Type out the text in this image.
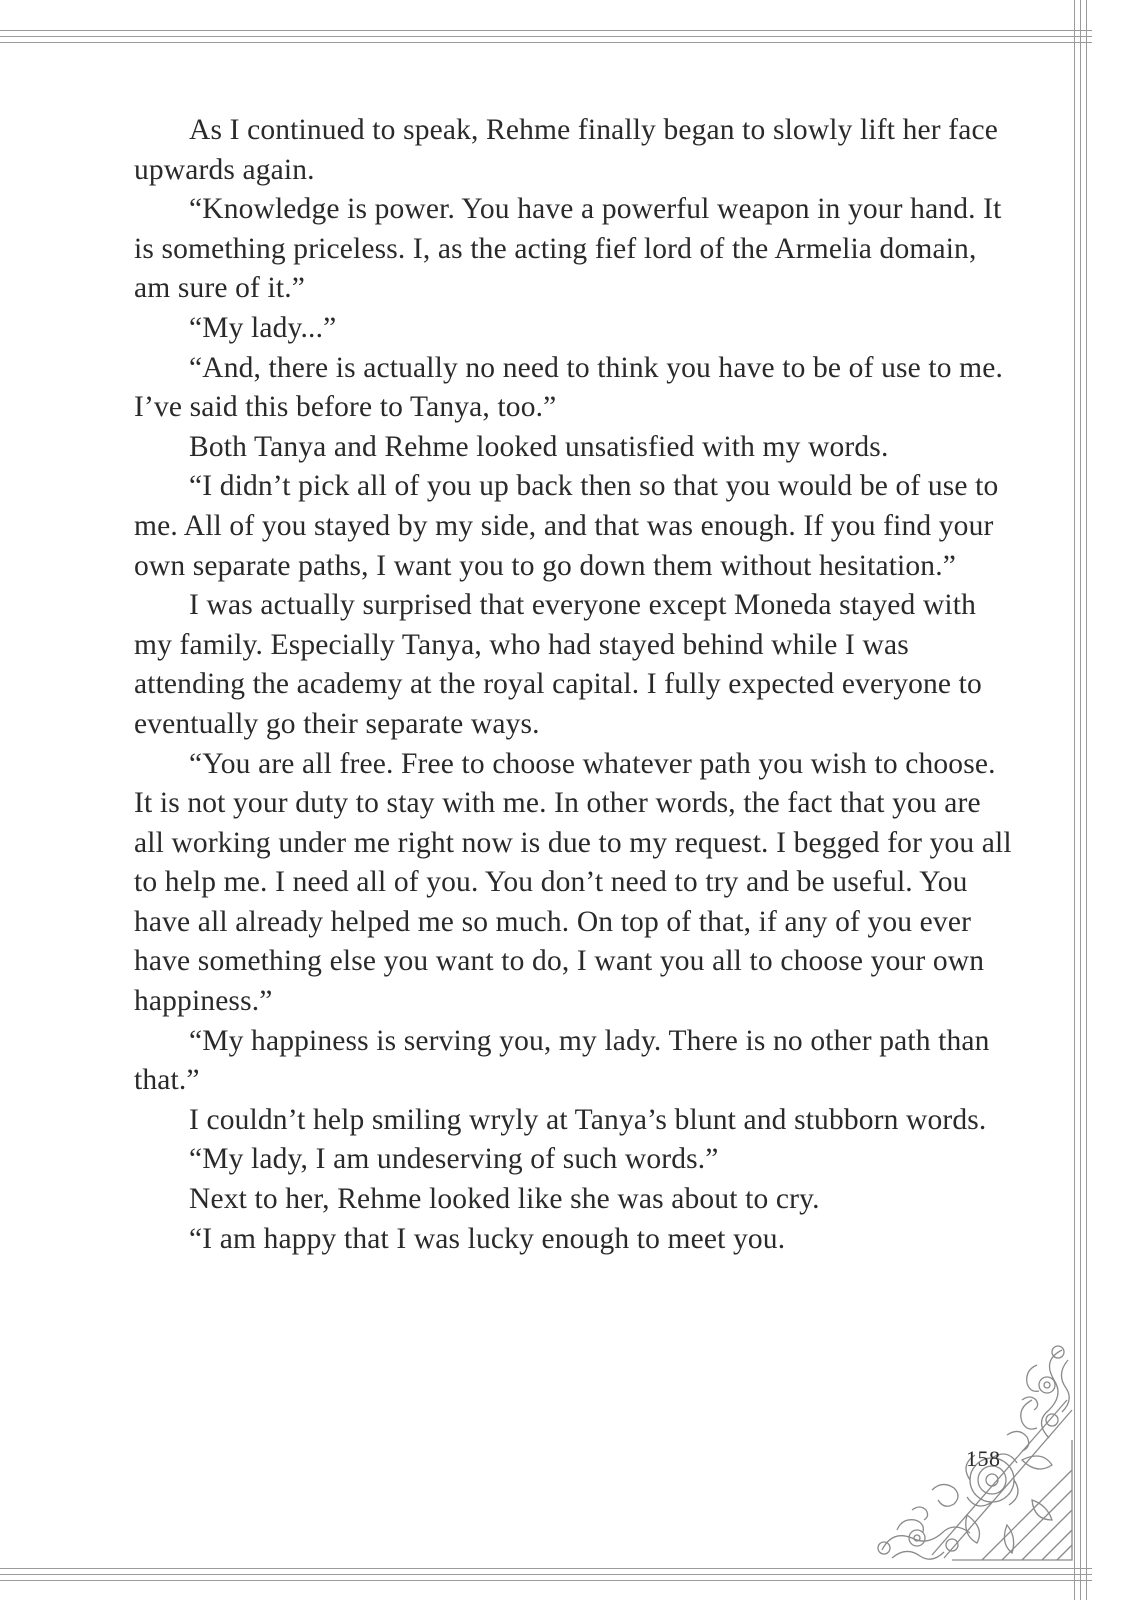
As I continued to speak, Rehme finally began to slowly lift her face upwards again.

“Knowledge is power. You have a powerful weapon in your hand. It is something priceless. I, as the acting fief lord of the Armelia domain, am sure of it.”

“My lady...”

“And, there is actually no need to think you have to be of use to me. I’ve said this before to Tanya, too.”

Both Tanya and Rehme looked unsatisfied with my words.

“I didn’t pick all of you up back then so that you would be of use to me. All of you stayed by my side, and that was enough. If you find your own separate paths, I want you to go down them without hesitation.”

I was actually surprised that everyone except Moneda stayed with my family. Especially Tanya, who had stayed behind while I was attending the academy at the royal capital. I fully expected everyone to eventually go their separate ways.

“You are all free. Free to choose whatever path you wish to choose. It is not your duty to stay with me. In other words, the fact that you are all working under me right now is due to my request. I begged for you all to help me. I need all of you. You don’t need to try and be useful. You have all already helped me so much. On top of that, if any of you ever have something else you want to do, I want you all to choose your own happiness.”

“My happiness is serving you, my lady. There is no other path than that.”

I couldn’t help smiling wryly at Tanya’s blunt and stubborn words.

“My lady, I am undeserving of such words.”

Next to her, Rehme looked like she was about to cry.

“I am happy that I was lucky enough to meet you.

158
